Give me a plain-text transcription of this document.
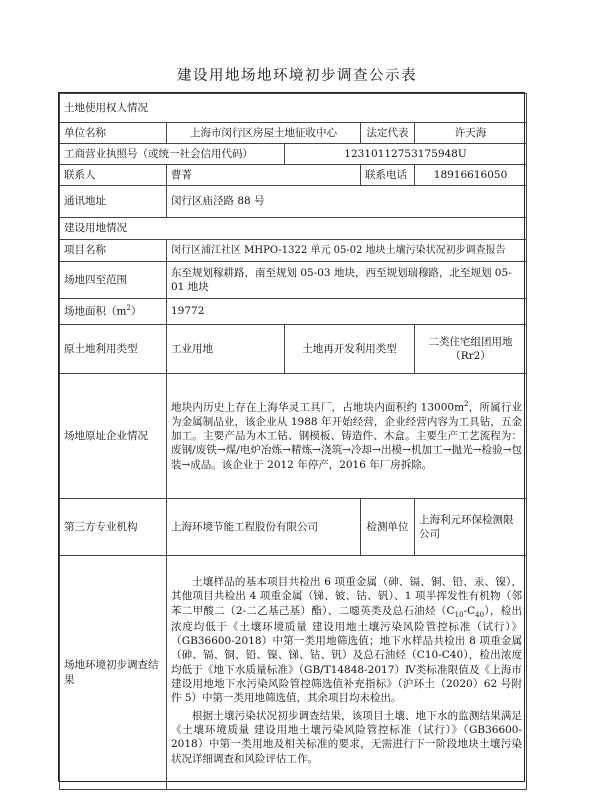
建设用地场地环境初步调查公示表
土地使用权人情况				
单位名称	上海市闵行区房屋土地征收中心		法定代表	许天海
工商营业执照号（或统一社会信用代码）		12310112753175948U		
联系人	曹菁		联系电话	18916616050
通讯地址	闵行区庙泾路 88 号			
建设用地情况				
项目名称	闵行区浦江社区 MHPO-1322 单元 05-02 地块土壤污染状况初步调查报告			
场地四至范围	东至规划稼耕路，南至规划 05-03 地块，西至规划瑞穆路，北至规划 05-01 地块			
场地面积$(m^2)$	19772			
原土地利用类型	工业用地	土地再开发利用类型		二类住宅组团用地（Rr2）
场地原址企业情况	地块内历史上存在上海华灵工具厂，占地块内面积约 $13000m^2$，所属行业为金属制品业，该企业从 1988 年开始经营，企业经营内容为工具钻，五金加工。主要产品为木工钻、钢模板、铸造件、木盒。主要生产工艺流程为：废钢/废铁→煤/电炉冶炼→精炼→浇筑→冷却→出模→机加工→抛光→检验→包装→成品。该企业于 2012 年停产，2016 年厂房拆除。			
第三方专业机构	上海环境节能工程股份有限公司		检测单位	上海利元环保检测限公司
场地环境初步调查结果	土壤样品的基本项目共检出 6 项重金属（砷、镉、铜、铅、汞、镍），其他项目共检出 4 项重金属（锑、铍、钴、钒）、1 项半挥发性有机物（邻苯二甲酸二（2-二乙基己基）酯）、二噁英类及总石油烃$(C_{10}-C_{40})$，检出浓度均低于《土壤环境质量 建设用地土壤污染风险管控标准（试行）》（GB36600-2018）中第一类用地筛选值；地下水样品共检出 8 项重金属（砷、镉、铜、铅、镍、锑、钴、钒）及总石油烃（C10-C40），检出浓度均低于《地下水质量标准》（GB/T14848-2017）Ⅳ类标准限值及《上海市建设用地地下水污染风险管控筛选值补充指标》（沪环土（2020）62 号附件 5）中第一类用地筛选值，其余项目均未检出。

根据土壤污染状况初步调查结果，该项目土壤、地下水的监测结果满足《土壤环境质量 建设用地土壤污染风险管控标准（试行）》（GB36600-2018）中第一类用地及相关标准的要求，无需进行下一阶段地块土壤污染状况详细调查和风险评估工作。			
